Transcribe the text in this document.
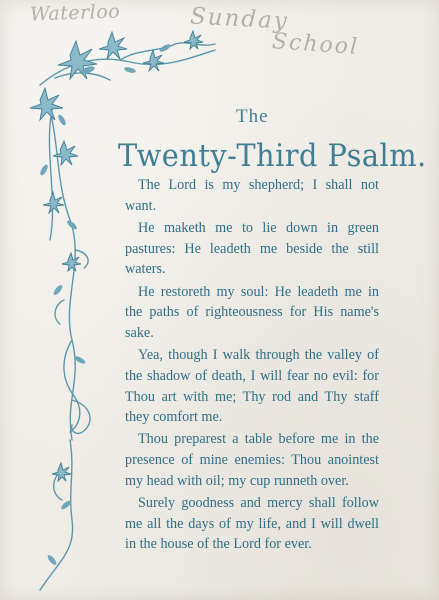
Waterloo	Sunday
School
The
Twenty-Third Psalm.

The Lord is my shepherd; I shall not want.

He maketh me to lie down in green pastures: He leadeth me beside the still waters.

He restoreth my soul: He leadeth me in the paths of righteousness for His name's sake.

Yea, though I walk through the valley of the shadow of death, I will fear no evil: for Thou art with me; Thy rod and Thy staff they comfort me.

Thou preparest a table before me in the presence of mine enemies: Thou anointest my head with oil; my cup runneth over.

Surely goodness and mercy shall follow me all the days of my life, and I will dwell in the house of the Lord for ever.
